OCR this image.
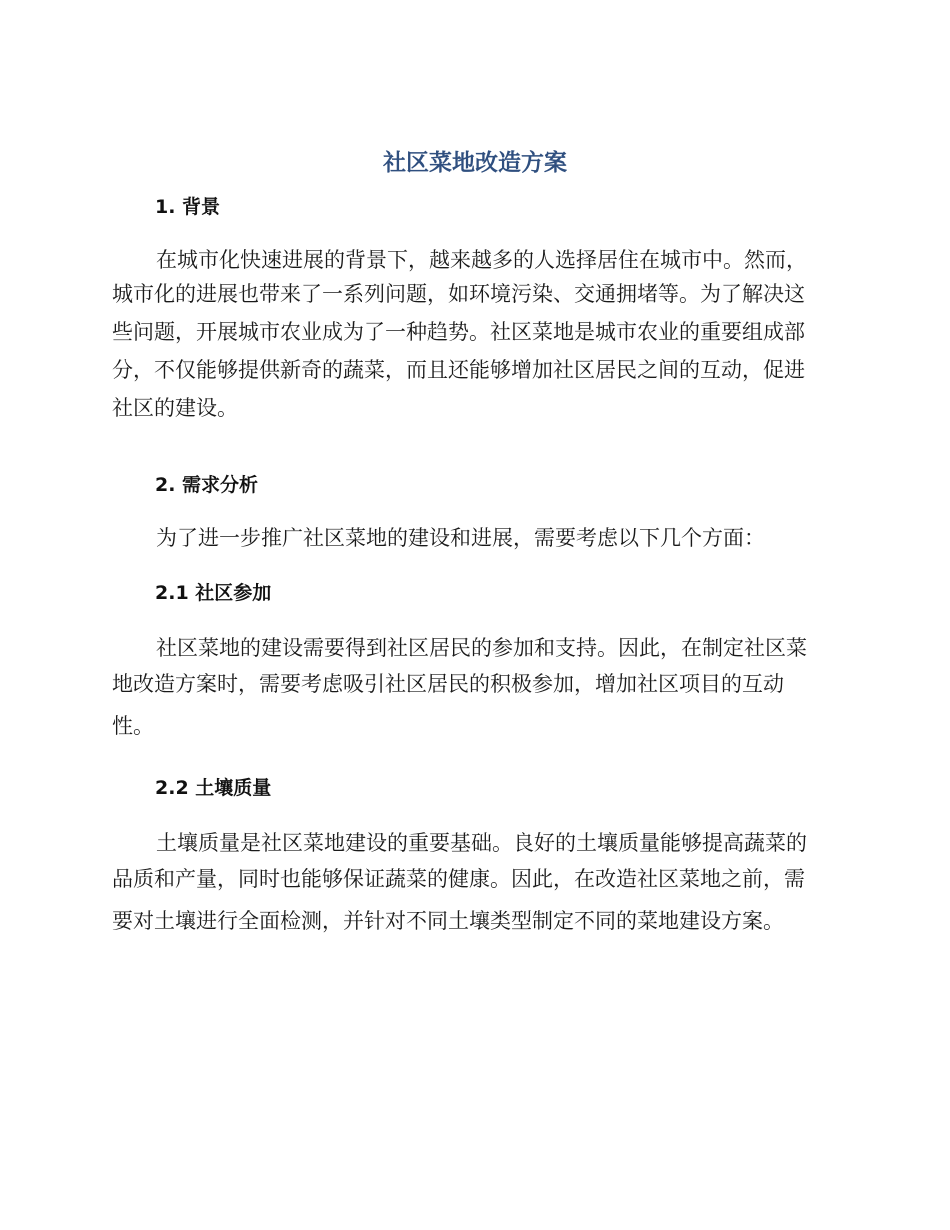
社区菜地改造方案
1. 背景

在城市化快速进展的背景下，越来越多的人选择居住在城市中。然而，
城市化的进展也带来了一系列问题，如环境污染、交通拥堵等。为了解决这
些问题，开展城市农业成为了一种趋势。社区菜地是城市农业的重要组成部
分，不仅能够提供新奇的蔬菜，而且还能够增加社区居民之间的互动，促进
社区的建设。

2. 需求分析

为了进一步推广社区菜地的建设和进展，需要考虑以下几个方面：

2.1 社区参加

社区菜地的建设需要得到社区居民的参加和支持。因此，在制定社区菜
地改造方案时，需要考虑吸引社区居民的积极参加，增加社区项目的互动
性。

2.2 土壤质量

土壤质量是社区菜地建设的重要基础。良好的土壤质量能够提高蔬菜的
品质和产量，同时也能够保证蔬菜的健康。因此，在改造社区菜地之前，需
要对土壤进行全面检测，并针对不同土壤类型制定不同的菜地建设方案。
